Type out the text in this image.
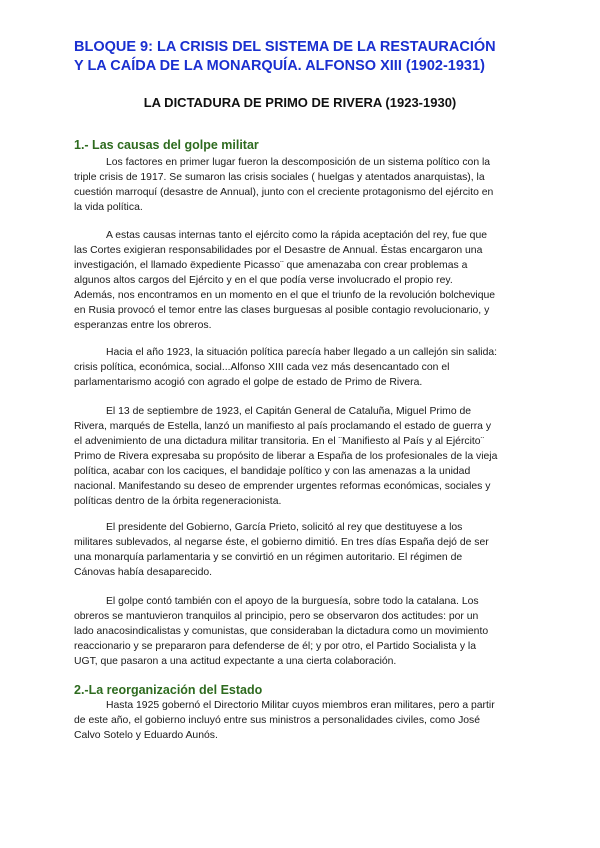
BLOQUE 9: LA CRISIS DEL SISTEMA DE LA RESTAURACIÓN
Y LA CAÍDA DE LA MONARQUÍA. ALFONSO XIII (1902-1931)
LA DICTADURA DE PRIMO DE RIVERA (1923-1930)
1.- Las causas del golpe militar
Los factores en primer lugar fueron la descomposición de un sistema político con la
triple crisis de 1917. Se sumaron las crisis sociales ( huelgas y atentados anarquistas), la
cuestión marroquí (desastre de Annual), junto con el creciente protagonismo del ejército en
la vida política.
A estas causas internas tanto el ejército como la rápida aceptación del rey, fue que
las Cortes exigieran responsabilidades por el Desastre de Annual. Éstas encargaron una
investigación, el llamado ëxpediente Picasso¨ que amenazaba con crear problemas a
algunos altos cargos del Ejército y en el que podía verse involucrado el propio rey.
Además, nos encontramos en un momento en el que el triunfo de la revolución bolchevique
en Rusia provocó el temor entre las clases burguesas al posible contagio revolucionario, y
esperanzas entre los obreros.
Hacia el año 1923, la situación política parecía haber llegado a un callejón sin salida:
crisis política, económica, social...Alfonso XIII cada vez más desencantado con el
parlamentarismo acogió con agrado el golpe de estado de Primo de Rivera.
El 13 de septiembre de 1923, el Capitán General de Cataluña, Miguel Primo de
Rivera, marqués de Estella, lanzó un manifiesto al país proclamando el estado de guerra y
el advenimiento de una dictadura militar transitoria. En el ¨Manifiesto al País y al Ejército¨
Primo de Rivera expresaba su propósito de liberar a España de los profesionales de la vieja
política, acabar con los caciques, el bandidaje político y con las amenazas a la unidad
nacional. Manifestando su deseo de emprender urgentes reformas económicas, sociales y
políticas dentro de la órbita regeneracionista.
El presidente del Gobierno, García Prieto, solicitó al rey que destituyese a los
militares sublevados, al negarse éste, el gobierno dimitió. En tres días España dejó de ser
una monarquía parlamentaria y se convirtió en un régimen autoritario. El régimen de
Cánovas había desaparecido.
El golpe contó también con el apoyo de la burguesía, sobre todo la catalana. Los
obreros se mantuvieron tranquilos al principio, pero se observaron dos actitudes: por un
lado anacosindicalistas y comunistas, que consideraban la dictadura como un movimiento
reaccionario y se prepararon para defenderse de él; y por otro, el Partido Socialista y la
UGT, que pasaron a una actitud expectante a una cierta colaboración.
2.-La reorganización del Estado
Hasta 1925 gobernó el Directorio Militar cuyos miembros eran militares, pero a partir
de este año, el gobierno incluyó entre sus ministros a personalidades civiles, como José
Calvo Sotelo y Eduardo Aunós.
